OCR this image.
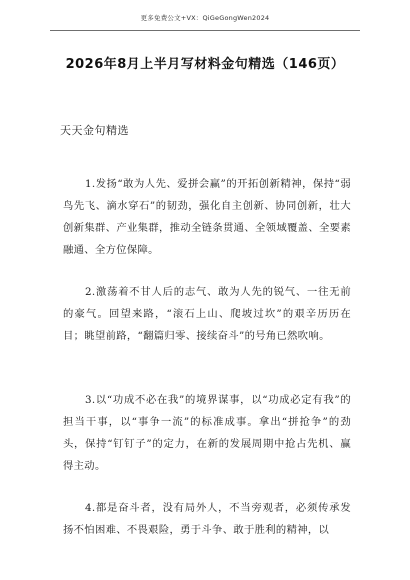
更多免费公文+VX：QiGeGongWen2024
2026年8月上半月写材料金句精选（146页）
天天金句精选

1.发扬“敢为人先、爱拼会赢”的开拓创新精神，保持“弱鸟先飞、滴水穿石”的韧劲，强化自主创新、协同创新，壮大创新集群、产业集群，推动全链条贯通、全领域覆盖、全要素融通、全方位保障。

2.激荡着不甘人后的志气、敢为人先的锐气、一往无前的豪气。回望来路，“滚石上山、爬坡过坎”的艰辛历历在目；眺望前路，“翻篇归零、接续奋斗”的号角已然吹响。

3.以“功成不必在我”的境界谋事，以“功成必定有我”的担当干事，以“事争一流”的标准成事。拿出“拼抢争”的劲头，保持“钉钉子”的定力，在新的发展周期中抢占先机、赢得主动。

4.都是奋斗者，没有局外人，不当旁观者，必须传承发扬不怕困难、不畏艰险，勇于斗争、敢于胜利的精神，以
